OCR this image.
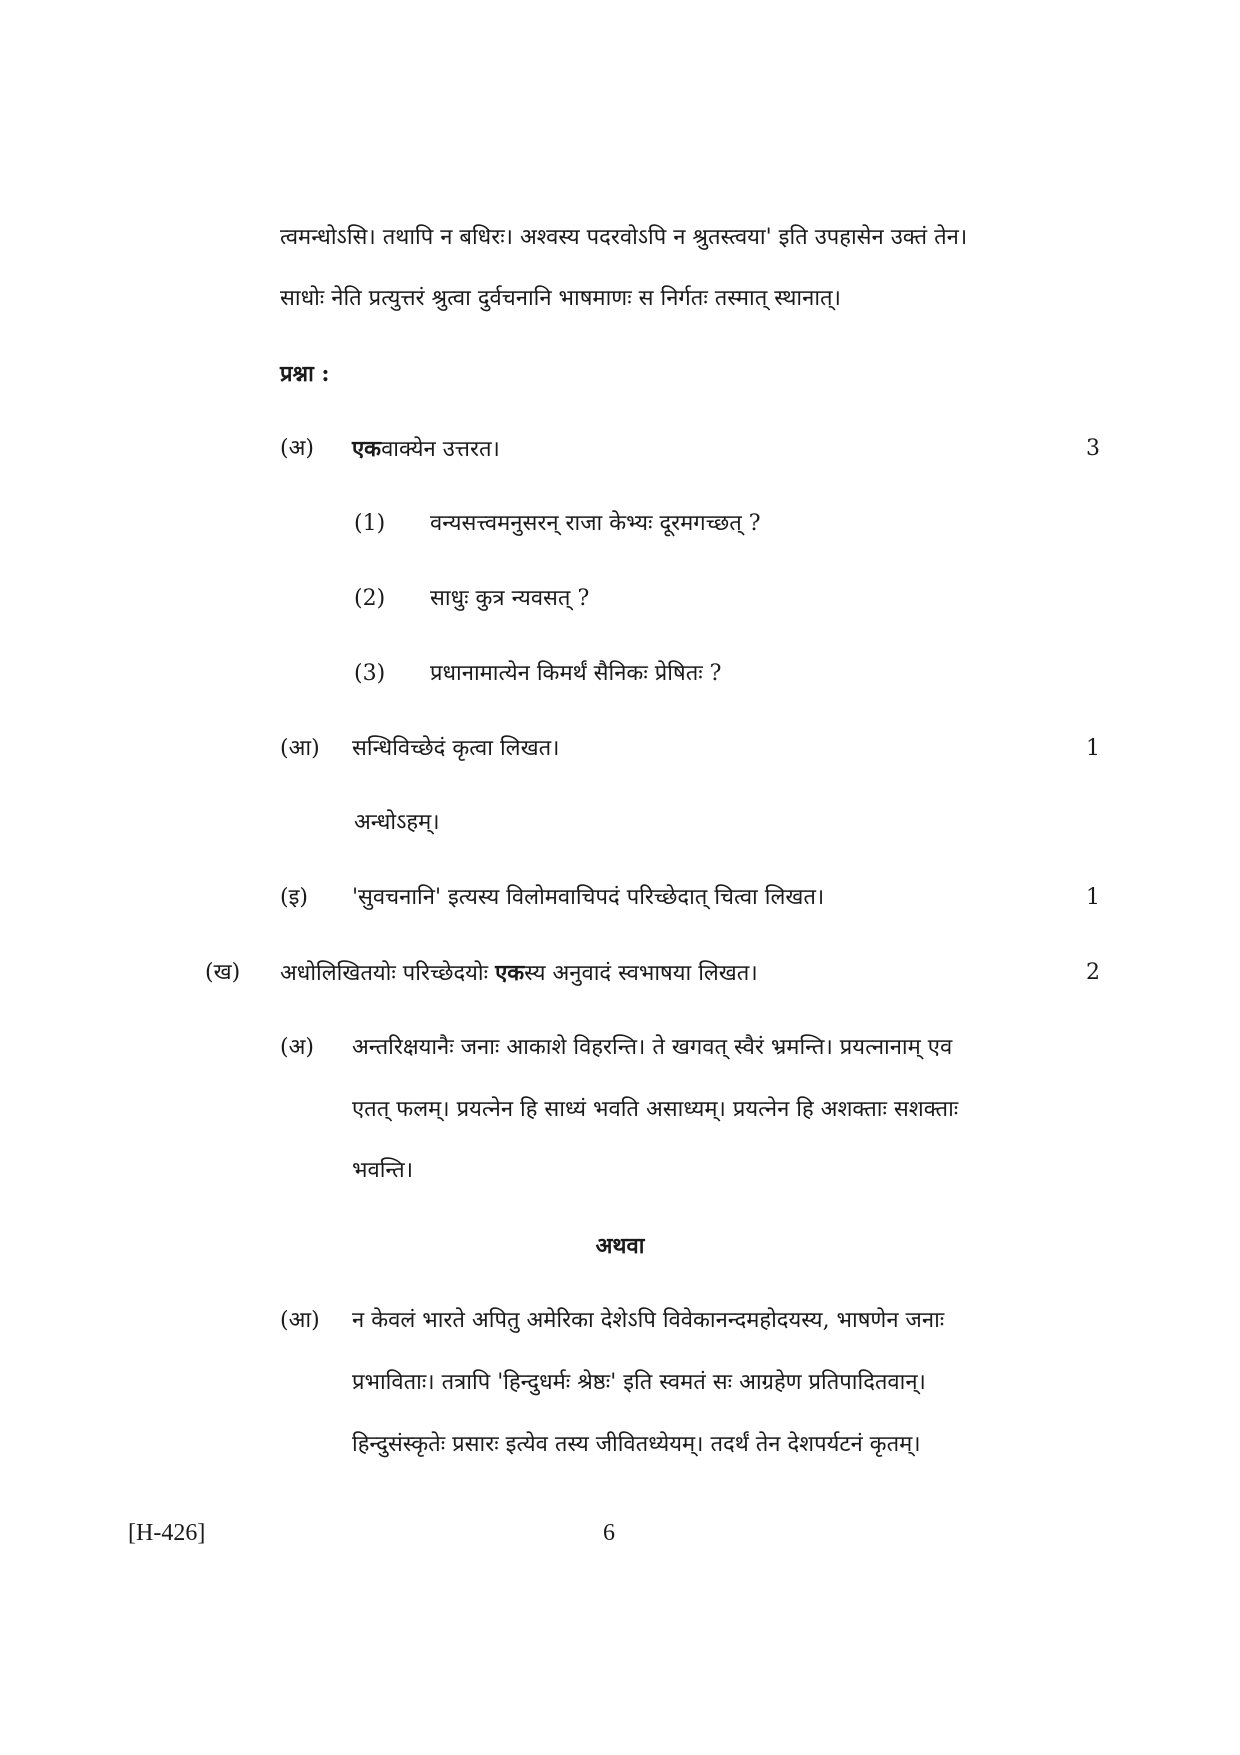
त्वमन्धोऽसि। तथापि न बधिरः। अश्वस्य पदरवोऽपि न श्रुतस्त्वया' इति उपहासेन उक्तं तेन।
साधोः नेति प्रत्युत्तरं श्रुत्वा दुर्वचनानि भाषमाणः स निर्गतः तस्मात् स्थानात्।
प्रश्ना :
(अ) एकवाक्येन उत्तरत।	3
(1) वन्यसत्त्वमनुसरन् राजा केभ्यः दूरमगच्छत् ?
(2) साधुः कुत्र न्यवसत् ?
(3) प्रधानामात्येन किमर्थं सैनिकः प्रेषितः ?
(आ) सन्धिविच्छेदं कृत्वा लिखत।	1
अन्धोऽहम्।
(इ) 'सुवचनानि' इत्यस्य विलोमवाचिपदं परिच्छेदात् चित्वा लिखत।	1
(ख) अधोलिखितयोः परिच्छेदयोः एकस्य अनुवादं स्वभाषया लिखत।	2
(अ) अन्तरिक्षयानैः जनाः आकाशे विहरन्ति। ते खगवत् स्वैरं भ्रमन्ति। प्रयत्नानाम् एव
एतत् फलम्। प्रयत्नेन हि साध्यं भवति असाध्यम्। प्रयत्नेन हि अशक्ताः सशक्ताः
भवन्ति।
अथवा
(आ) न केवलं भारते अपितु अमेरिका देशेऽपि विवेकानन्दमहोदयस्य, भाषणेन जनाः
प्रभाविताः। तत्रापि 'हिन्दुधर्मः श्रेष्ठः' इति स्वमतं सः आग्रहेण प्रतिपादितवान्।
हिन्दुसंस्कृतेः प्रसारः इत्येव तस्य जीवितध्येयम्। तदर्थं तेन देशपर्यटनं कृतम्।
[H-426]	6
